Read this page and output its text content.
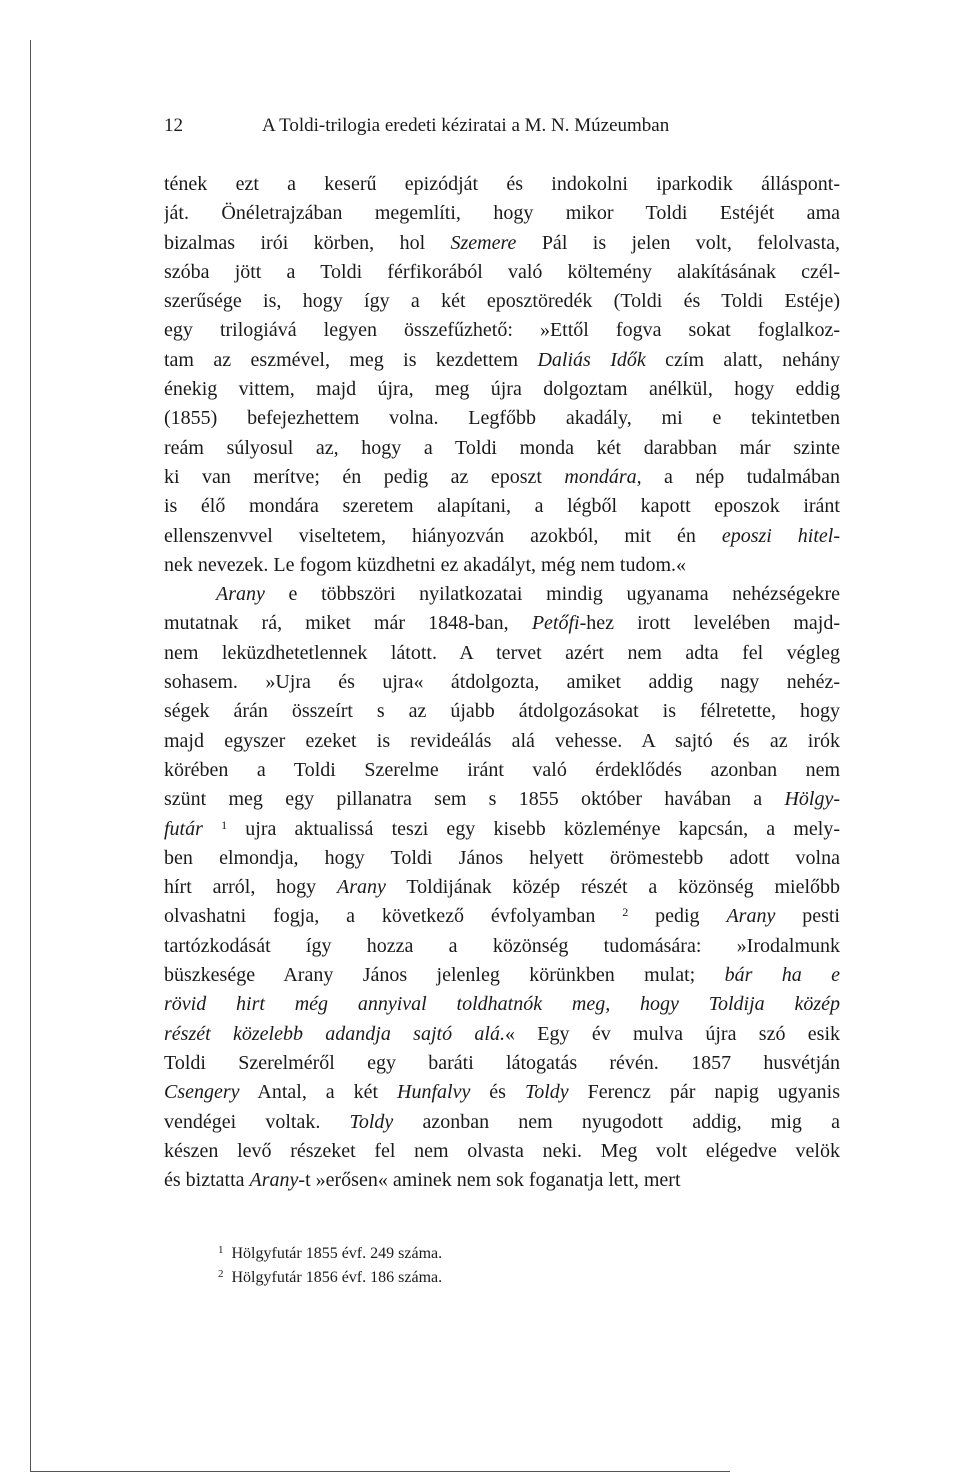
12	A Toldi-trilogia eredeti kéziratai a M. N. Múzeumban
tének ezt a keserű epizódját és indokolni iparkodik álláspont-
ját. Önéletrajzában megemlíti, hogy mikor Toldi Estéjét ama
bizalmas irói körben, hol Szemere Pál is jelen volt, felolvasta,
szóba jött a Toldi férfikorából való költemény alakításának czél-
szerűsége is, hogy így a két eposztöredék (Toldi és Toldi Estéje)
egy trilogiává legyen összefűzhető: »Ettől fogva sokat foglalkoz-
tam az eszmével, meg is kezdettem Daliás Idők czím alatt, nehány
énekig vittem, majd újra, meg újra dolgoztam anélkül, hogy eddig
(1855) befejezhettem volna. Legfőbb akadály, mi e tekintetben
reám súlyosul az, hogy a Toldi monda két darabban már szinte
ki van merítve; én pedig az eposzt mondára, a nép tudalmában
is élő mondára szeretem alapítani, a légből kapott eposzok iránt
ellenszenvvel viseltetem, hiányozván azokból, mit én eposzi hitel-
nek nevezek. Le fogom küzdhetni ez akadályt, még nem tudom.«
Arany e többszöri nyilatkozatai mindig ugyanama nehézségekre
mutatnak rá, miket már 1848-ban, Petőfi-hez irott levelében majd-
nem leküzdhetetlennek látott. A tervet azért nem adta fel végleg
sohasem. »Ujra és ujra« átdolgozta, amiket addig nagy nehéz-
ségek árán összeírt s az újabb átdolgozásokat is félretette, hogy
majd egyszer ezeket is revideálás alá vehesse. A sajtó és az irók
körében a Toldi Szerelme iránt való érdeklődés azonban nem
szünt meg egy pillanatra sem s 1855 október havában a Hölgy-
futár $^1$ ujra aktualissá teszi egy kisebb közleménye kapcsán, a mely-
ben elmondja, hogy Toldi János helyett örömestebb adott volna
hírt arról, hogy Arany Toldijának közép részét a közönség mielőbb
olvashatni fogja, a következő évfolyamban $^2$ pedig Arany pesti
tartózkodását így hozza a közönség tudomására: »Irodalmunk
büszkesége Arany János jelenleg körünkben mulat; bár ha e
rövid hirt még annyival toldhatnók meg, hogy Toldija közép
részét közelebb adandja sajtó alá.« Egy év mulva újra szó esik
Toldi Szerelméről egy baráti látogatás révén. 1857 husvétján
Csengery Antal, a két Hunfalvy és Toldy Ferencz pár napig ugyanis
vendégei voltak. Toldy azonban nem nyugodott addig, mig a
készen levő részeket fel nem olvasta neki. Meg volt elégedve velök
és biztatta Arany-t »erősen« aminek nem sok foganatja lett, mert
$^1$ Hölgyfutár 1855 évf. 249 száma.
$^2$ Hölgyfutár 1856 évf. 186 száma.
